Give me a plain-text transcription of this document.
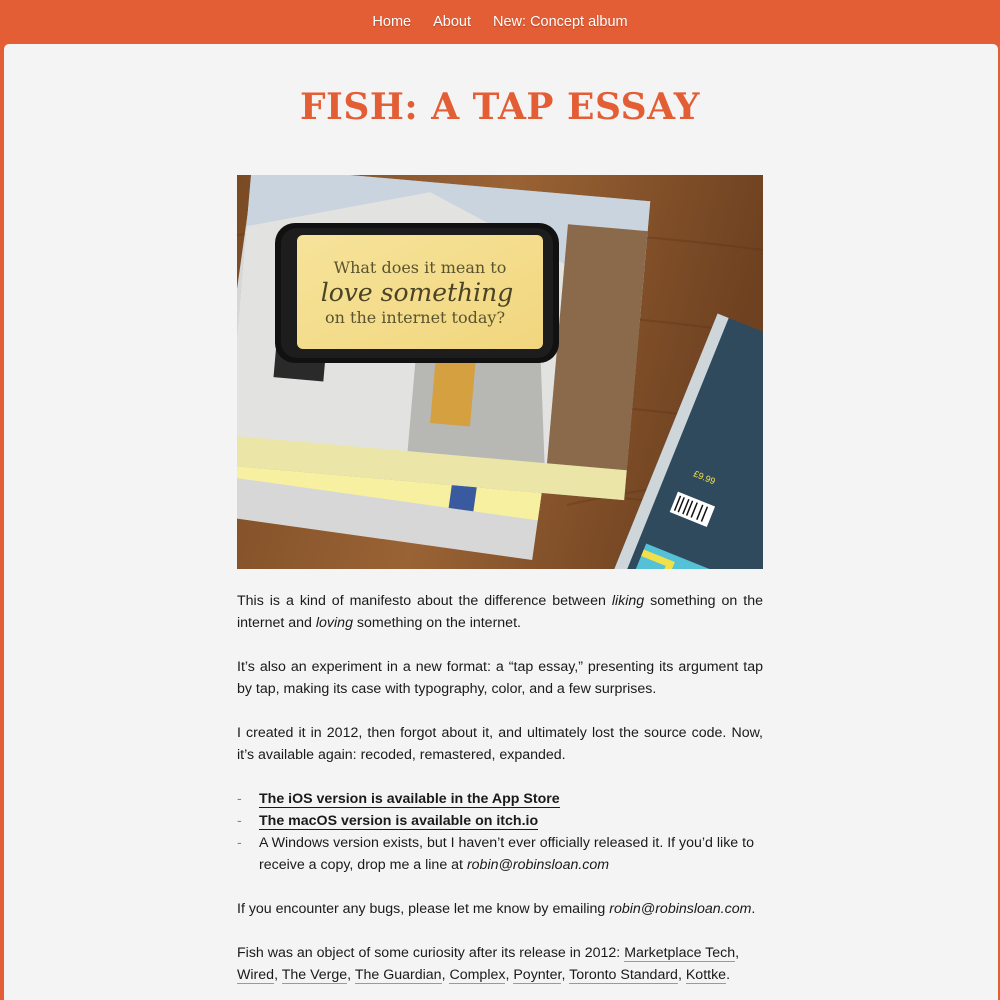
Home About New: Concept album
FISH: A TAP ESSAY
£9.99
What does it mean to
love something
on the internet today?

This is a kind of manifesto about the difference between liking something on the internet and loving something on the internet.

It’s also an experiment in a new format: a “tap essay,” presenting its argument tap by tap, making its case with typography, color, and a few surprises.

I created it in 2012, then forgot about it, and ultimately lost the source code. Now, it’s available again: recoded, remastered, expanded.

- The iOS version is available in the App Store
- The macOS version is available on itch.io
- A Windows version exists, but I haven’t ever officially released it. If you’d like to receive a copy, drop me a line at robin@robinsloan.com

If you encounter any bugs, please let me know by emailing robin@robinsloan.com.

Fish was an object of some curiosity after its release in 2012: Marketplace Tech, Wired, The Verge, The Guardian, Complex, Poynter, Toronto Standard, Kottke.
